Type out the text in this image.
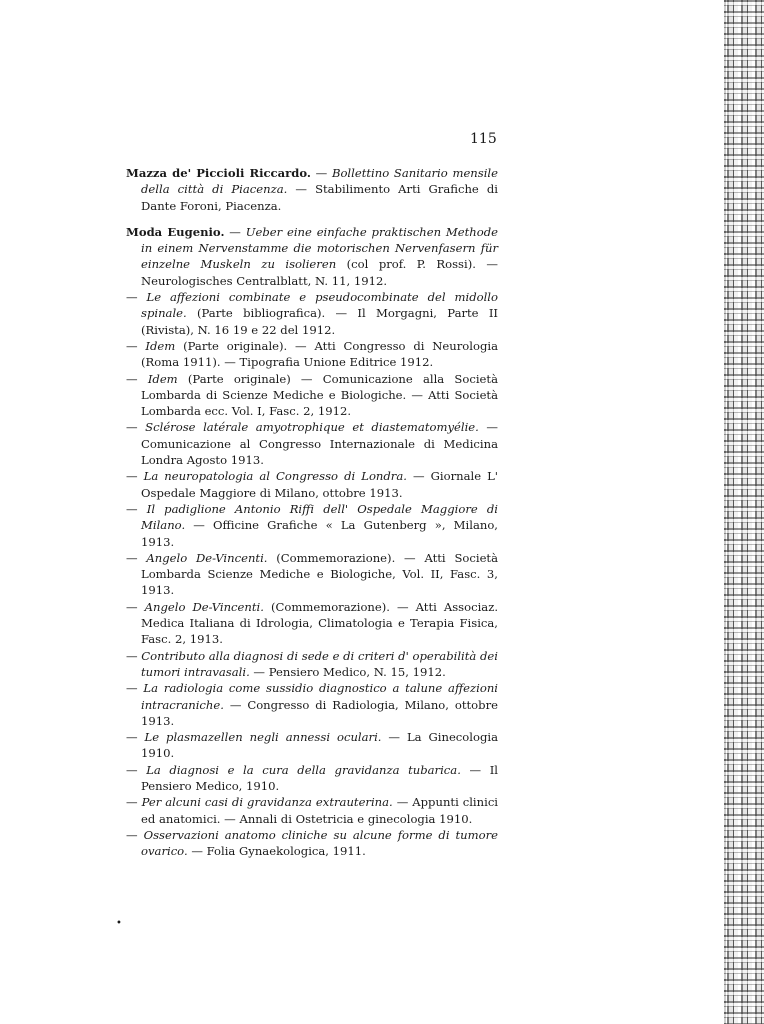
115

Mazza de' Piccioli Riccardo. — Bollettino Sanitario mensile della città di Piacenza. — Stabilimento Arti Grafiche di Dante Foroni, Piacenza.

Moda Eugenio. — Ueber eine einfache praktischen Methode in einem Nervenstamme die motorischen Nervenfasern für einzelne Muskeln zu isolieren (col prof. P. Rossi). — Neurologisches Centralblatt, N. 11, 1912.

— Le affezioni combinate e pseudocombinate del midollo spinale. (Parte bibliografica). — Il Morgagni, Parte II (Rivista), N. 16 19 e 22 del 1912.

— Idem (Parte originale). — Atti Congresso di Neurologia (Roma 1911). — Tipografia Unione Editrice 1912.

— Idem (Parte originale) — Comunicazione alla Società Lombarda di Scienze Mediche e Biologiche. — Atti Società Lombarda ecc. Vol. I, Fasc. 2, 1912.

— Sclérose latérale amyotrophique et diastematomyélie. — Comunicazione al Congresso Internazionale di Medicina Londra Agosto 1913.

— La neuropatologia al Congresso di Londra. — Giornale L' Ospedale Maggiore di Milano, ottobre 1913.

— Il padiglione Antonio Riffi dell' Ospedale Maggiore di Milano. — Officine Grafiche « La Gutenberg », Milano, 1913.

— Angelo De-Vincenti. (Commemorazione). — Atti Società Lombarda Scienze Mediche e Biologiche, Vol. II, Fasc. 3, 1913.

— Angelo De-Vincenti. (Commemorazione). — Atti Associaz. Medica Italiana di Idrologia, Climatologia e Terapia Fisica, Fasc. 2, 1913.

— Contributo alla diagnosi di sede e di criteri d' operabilità dei tumori intravasali. — Pensiero Medico, N. 15, 1912.

— La radiologia come sussidio diagnostico a talune affezioni intracraniche. — Congresso di Radiologia, Milano, ottobre 1913.

— Le plasmazellen negli annessi oculari. — La Ginecologia 1910.

— La diagnosi e la cura della gravidanza tubarica. — Il Pensiero Medico, 1910.

— Per alcuni casi di gravidanza extrauterina. — Appunti clinici ed anatomici. — Annali di Ostetricia e ginecologia 1910.

— Osservazioni anatomo cliniche su alcune forme di tumore ovarico. — Folia Gynaekologica, 1911.

•
